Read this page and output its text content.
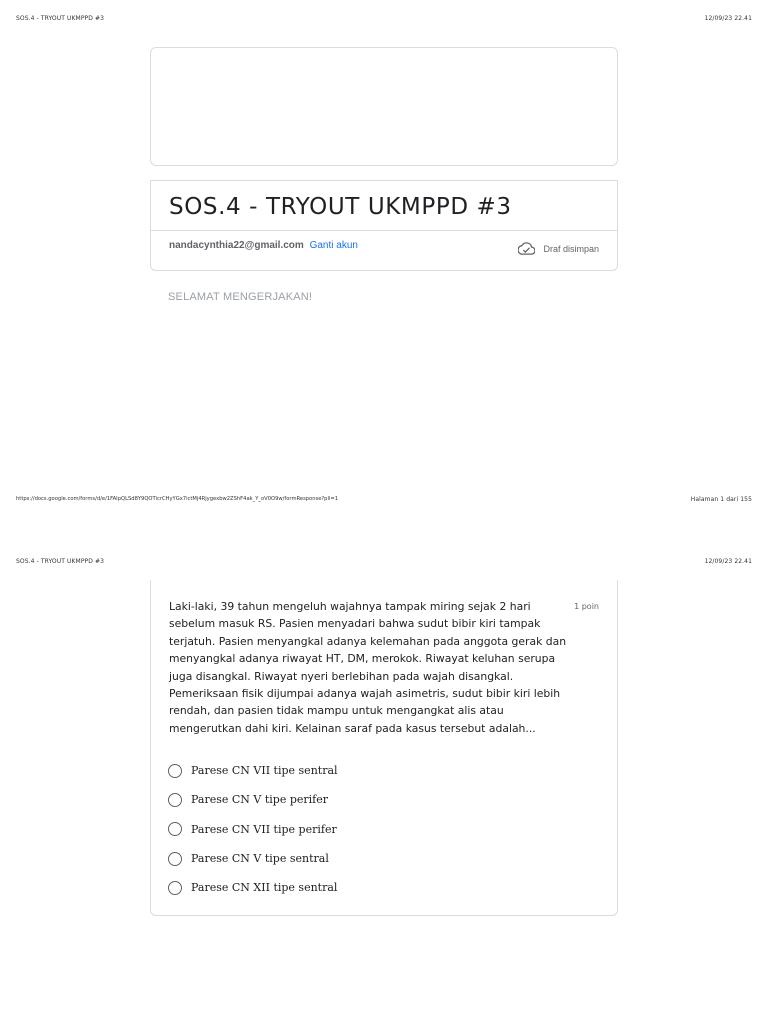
SOS.4 - TRYOUT UKMPPD #3	12/09/23 22.41
SOS.4 - TRYOUT UKMPPD #3
nandacynthia22@gmail.com Ganti akun	Draf disimpan
SELAMAT MENGERJAKAN!
https://docs.google.com/forms/d/e/1FAIpQLSd8Y9QOTicrCHyYGx7ictMj4Rjygexbw2ZShF4ak_Y_oV0O9w/formResponse?pli=1	Halaman 1 dari 155
SOS.4 - TRYOUT UKMPPD #3	12/09/23 22.41

Laki-laki, 39 tahun mengeluh wajahnya tampak miring sejak 2 hari sebelum masuk RS. Pasien menyadari bahwa sudut bibir kiri tampak terjatuh. Pasien menyangkal adanya kelemahan pada anggota gerak dan menyangkal adanya riwayat HT, DM, merokok. Riwayat keluhan serupa juga disangkal. Riwayat nyeri berlebihan pada wajah disangkal. Pemeriksaan fisik dijumpai adanya wajah asimetris, sudut bibir kiri lebih rendah, dan pasien tidak mampu untuk mengangkat alis atau mengerutkan dahi kiri. Kelainan saraf pada kasus tersebut adalah...

1 poin
Parese CN VII tipe sentral
Parese CN V tipe perifer
Parese CN VII tipe perifer
Parese CN V tipe sentral
Parese CN XII tipe sentral
